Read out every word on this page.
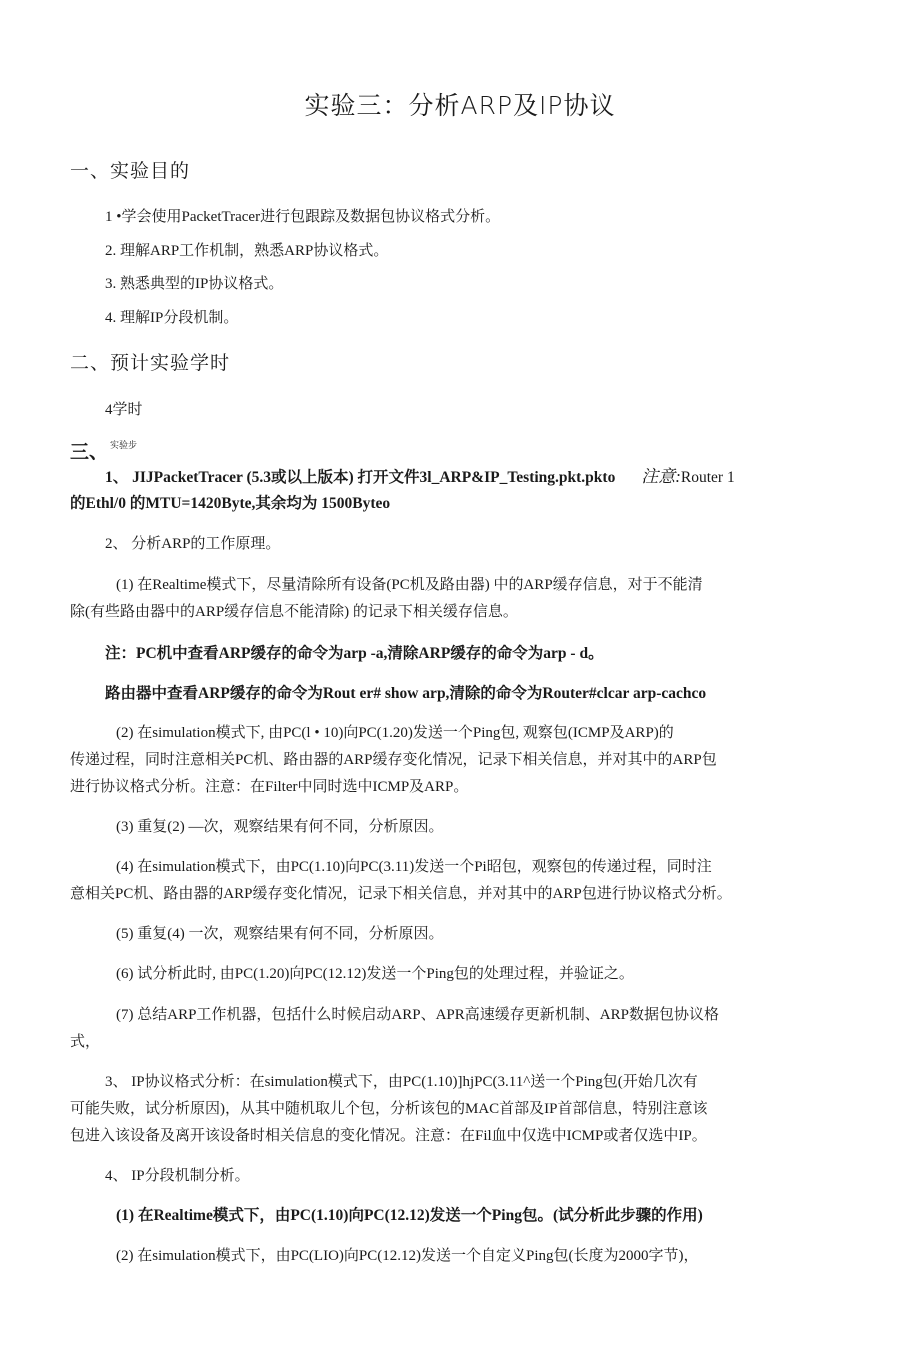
实验三：分析ARP及IP协议
一、实验目的
1 •学会使用PacketTracer进行包跟踪及数据包协议格式分析。
2. 理解ARP工作机制，熟悉ARP协议格式。
3. 熟悉典型的IP协议格式。
4. 理解IP分段机制。
二、预计实验学时
4学时
三、 $^{实验步}$
1、 JIJPacketTracer (5.3或以上版本) 打开文件3l_ARP&IP_Testing.pkt.pkto 注意:Router 1
的Ethl/0 的MTU=1420Byte,其余均为 1500Byteo
2、 分析ARP的工作原理。
(1) 在Realtime模式下，尽量清除所有设备(PC机及路由器) 中的ARP缓存信息，对于不能清
除(有些路由器中的ARP缓存信息不能清除) 的记录下相关缓存信息。
注：PC机中查看ARP缓存的命令为arp -a,清除ARP缓存的命令为arp - d。
路由器中查看ARP缓存的命令为Rout er# show arp,清除的命令为Router#clcar arp-cachco
(2) 在simulation模式下, 由PC(l • 10)向PC(1.20)发送一个Ping包, 观察包(ICMP及ARP)的
传递过程，同时注意相关PC机、路由器的ARP缓存变化情况，记录下相关信息，并对其中的ARP包
进行协议格式分析。注意：在Filter中同时选中ICMP及ARP。
(3) 重复(2) —次，观察结果有何不同，分析原因。
(4) 在simulation模式下，由PC(1.10)向PC(3.11)发送一个Pi昭包，观察包的传递过程，同时注
意相关PC机、路由器的ARP缓存变化情况，记录下相关信息，并对其中的ARP包进行协议格式分析。
(5) 重复(4) 一次，观察结果有何不同，分析原因。
(6) 试分析此时, 由PC(1.20)向PC(12.12)发送一个Ping包的处理过程，并验证之。
(7) 总结ARP工作机器，包括什么时候启动ARP、APR高速缓存更新机制、ARP数据包协议格
式，
3、 IP协议格式分析：在simulation模式下，由PC(1.10)]hjPC(3.11^送一个Ping包(开始几次有
可能失败，试分析原因)，从其中随机取儿个包，分析该包的MAC首部及IP首部信息，特别注意该
包进入该设备及离开该设备时相关信息的变化情况。注意：在Fil血中仅选中ICMP或者仅选中IP。
4、 IP分段机制分析。
(1) 在Realtime模式下，由PC(1.10)向PC(12.12)发送一个Ping包。(试分析此步骤的作用)
(2) 在simulation模式下，由PC(LIO)向PC(12.12)发送一个自定义Ping包(长度为2000字节)，
